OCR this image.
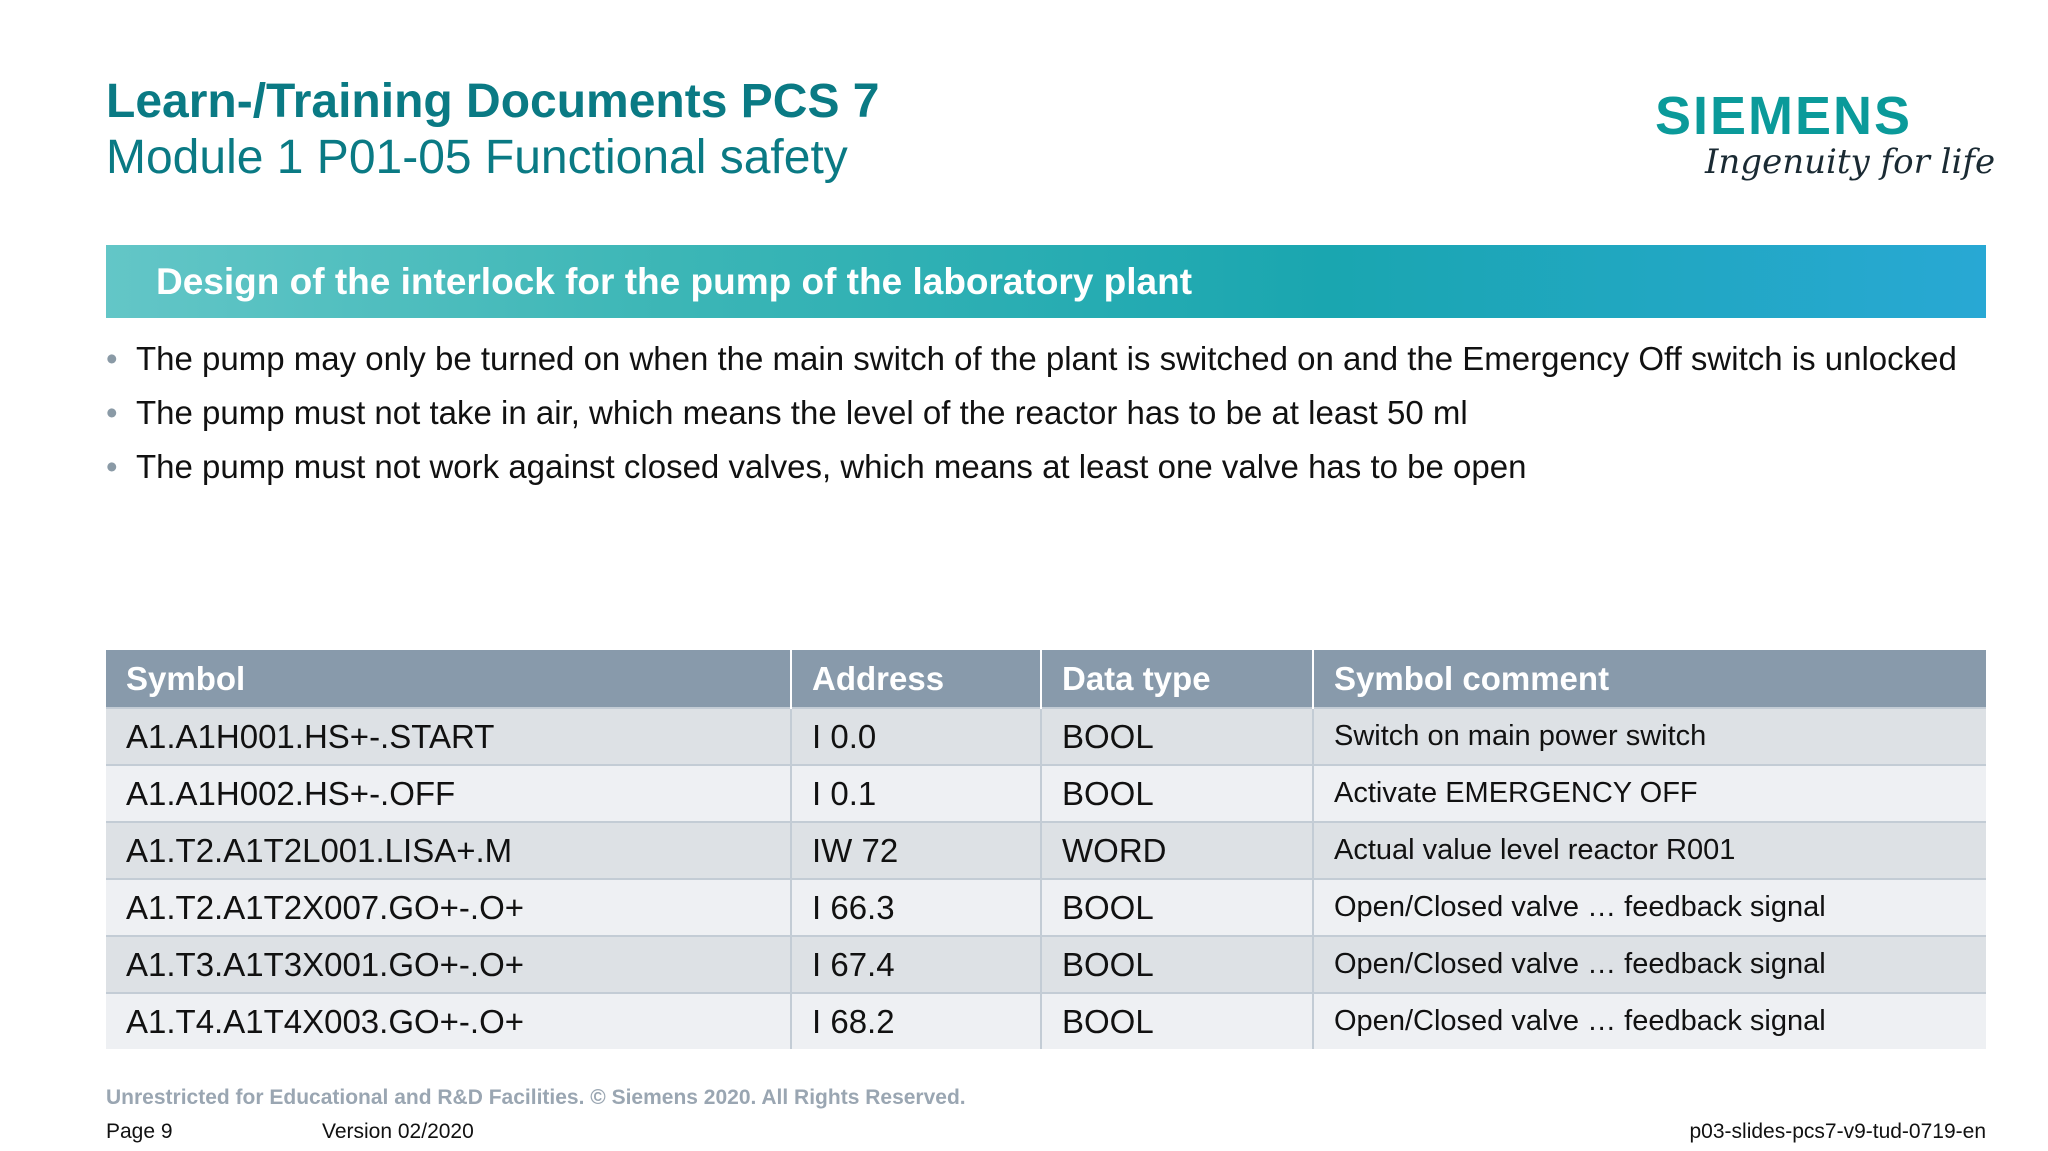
Learn-/Training Documents PCS 7
Module 1 P01-05 Functional safety
SIEMENS
Ingenuity for life
Design of the interlock for the pump of the laboratory plant
• The pump may only be turned on when the main switch of the plant is switched on and the Emergency Off switch is unlocked
• The pump must not take in air, which means the level of the reactor has to be at least 50 ml
• The pump must not work against closed valves, which means at least one valve has to be open
Symbol	Address	Data type	Symbol comment
A1.A1H001.HS+-.START	I 0.0	BOOL	Switch on main power switch
A1.A1H002.HS+-.OFF	I 0.1	BOOL	Activate EMERGENCY OFF
A1.T2.A1T2L001.LISA+.M	IW 72	WORD	Actual value level reactor R001
A1.T2.A1T2X007.GO+-.O+	I 66.3	BOOL	Open/Closed valve … feedback signal
A1.T3.A1T3X001.GO+-.O+	I 67.4	BOOL	Open/Closed valve … feedback signal
A1.T4.A1T4X003.GO+-.O+	I 68.2	BOOL	Open/Closed valve … feedback signal
Unrestricted for Educational and R&D Facilities. © Siemens 2020. All Rights Reserved.
Page 9	Version 02/2020	p03-slides-pcs7-v9-tud-0719-en
